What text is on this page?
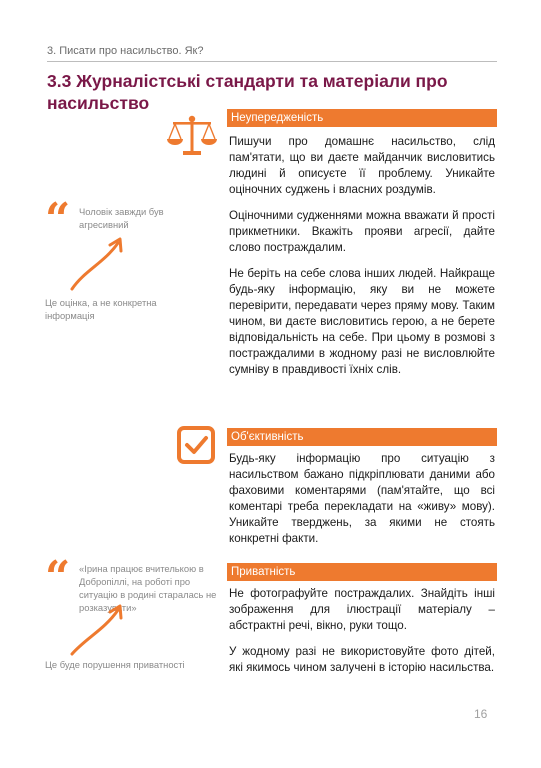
3. Писати про насильство. Як?
3.3 Журналістські стандарти та матеріали про насильство
Неупередженість

Пишучи про домашнє насильство, слід пам'ятати, що ви даєте майданчик висловитись людині й описуєте її проблему. Уникайте оціночних суджень і власних роздумів.

Оціночними судженнями можна вважати й прості прикметники. Вкажіть прояви агресії, дайте слово постраждалим.

Не беріть на себе слова інших людей. Найкраще будь-яку інформацію, яку ви не можете перевірити, передавати через пряму мову. Таким чином, ви даєте висловитись герою, а не берете відповідальність на себе. При цьому в розмові з постраждалими в жодному разі не висловлюйте сумніву в правдивості їхніх слів.

“ Чоловік завжди був агресивний
Це оцінка, а не конкретна інформація
Об'єктивність

Будь-яку інформацію про ситуацію з насильством бажано підкріплювати даними або фаховими коментарями (пам'ятайте, що всі коментарі треба перекладати на «живу» мову). Уникайте тверджень, за якими не стоять конкретні факти.

“ «Ірина працює вчителькою в Добропіллі, на роботі про ситуацію в родині старалась не розказувати»
Це буде порушення приватності
Приватність

Не фотографуйте постраждалих. Знайдіть інші зображення для ілюстрації матеріалу – абстрактні речі, вікно, руки тощо.

У жодному разі не використовуйте фото дітей, які якимось чином залучені в історію насильства.

16
